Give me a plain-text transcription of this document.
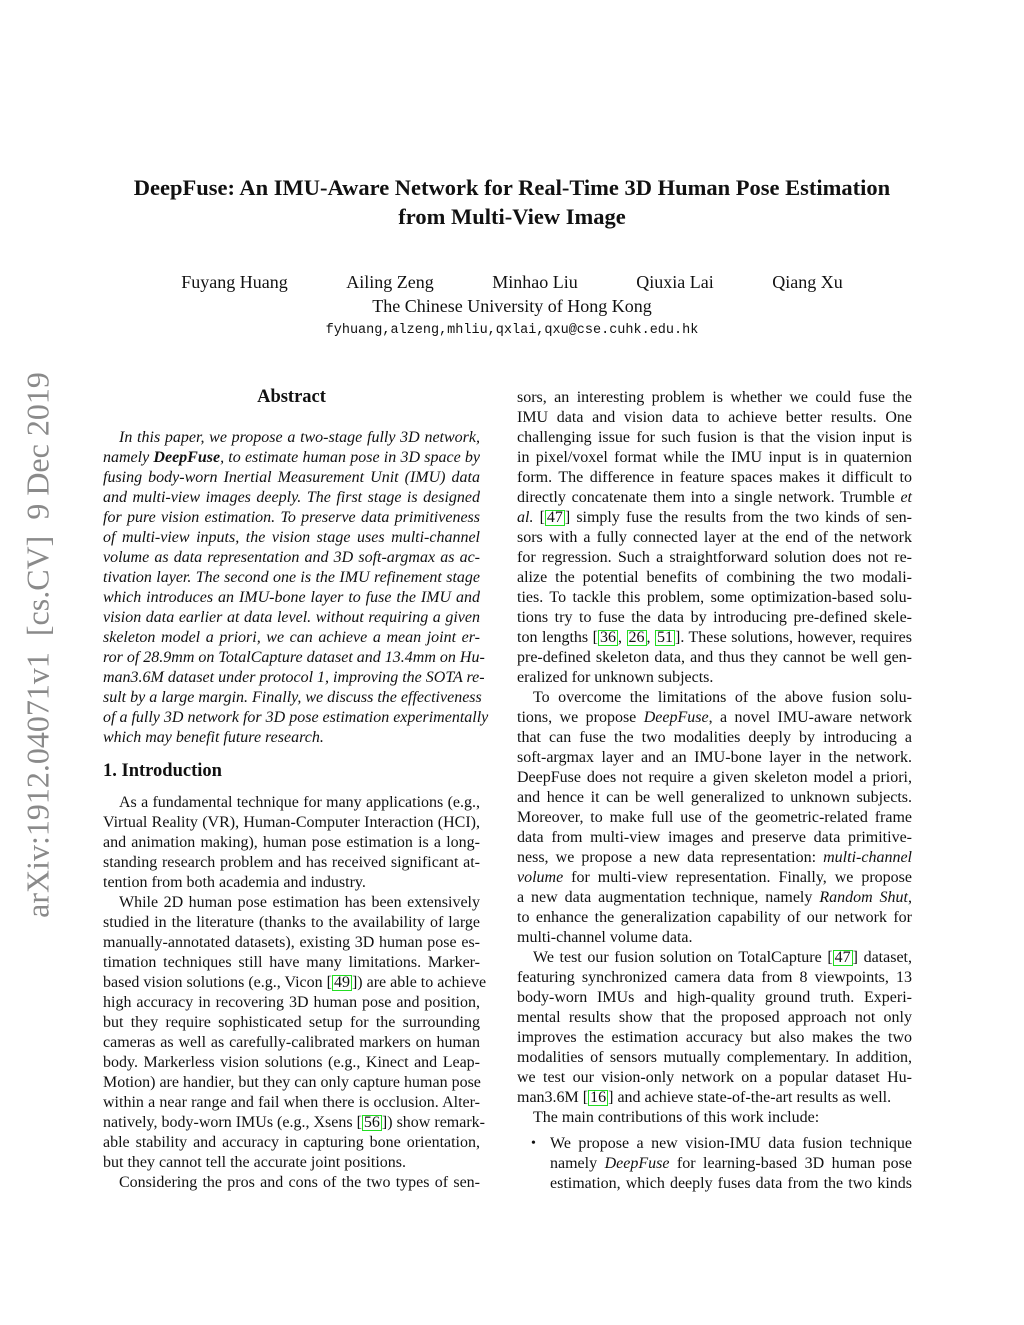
DeepFuse: An IMU-Aware Network for Real-Time 3D Human Pose Estimation
from Multi-View Image
Fuyang Huang	Ailing Zeng	Minhao Liu	Qiuxia Lai	Qiang Xu
The Chinese University of Hong Kong
fyhuang,alzeng,mhliu,qxlai,qxu@cse.cuhk.edu.hk
arXiv:1912.04071v1  [cs.CV]  9 Dec 2019	Abstract
In this paper, we propose a two-stage fully 3D network,
namely DeepFuse, to estimate human pose in 3D space by
fusing body-worn Inertial Measurement Unit (IMU) data
and multi-view images deeply. The first stage is designed
for pure vision estimation. To preserve data primitiveness
of multi-view inputs, the vision stage uses multi-channel
volume as data representation and 3D soft-argmax as ac-
tivation layer. The second one is the IMU refinement stage
which introduces an IMU-bone layer to fuse the IMU and
vision data earlier at data level. without requiring a given
skeleton model a priori, we can achieve a mean joint er-
ror of 28.9mm on TotalCapture dataset and 13.4mm on Hu-
man3.6M dataset under protocol 1, improving the SOTA re-
sult by a large margin. Finally, we discuss the effectiveness
of a fully 3D network for 3D pose estimation experimentally
which may benefit future research.
1. Introduction
As a fundamental technique for many applications (e.g.,
Virtual Reality (VR), Human-Computer Interaction (HCI),
and animation making), human pose estimation is a long-
standing research problem and has received significant at-
tention from both academia and industry.
While 2D human pose estimation has been extensively
studied in the literature (thanks to the availability of large
manually-annotated datasets), existing 3D human pose es-
timation techniques still have many limitations. Marker-
based vision solutions (e.g., Vicon [ 49 ]) are able to achieve
high accuracy in recovering 3D human pose and position,
but they require sophisticated setup for the surrounding
cameras as well as carefully-calibrated markers on human
body. Markerless vision solutions (e.g., Kinect and Leap-
Motion) are handier, but they can only capture human pose
within a near range and fail when there is occlusion. Alter-
natively, body-worn IMUs (e.g., Xsens [ 56 ]) show remark-
able stability and accuracy in capturing bone orientation,
but they cannot tell the accurate joint positions.
Considering the pros and cons of the two types of sen-
sors, an interesting problem is whether we could fuse the
IMU data and vision data to achieve better results. One
challenging issue for such fusion is that the vision input is
in pixel/voxel format while the IMU input is in quaternion
form. The difference in feature spaces makes it difficult to
directly concatenate them into a single network. Trumble et
al. [ 47 ] simply fuse the results from the two kinds of sen-
sors with a fully connected layer at the end of the network
for regression. Such a straightforward solution does not re-
alize the potential benefits of combining the two modali-
ties. To tackle this problem, some optimization-based solu-
tions try to fuse the data by introducing pre-defined skele-
ton lengths [ 36 , 26 , 51 ]. These solutions, however, requires
pre-defined skeleton data, and thus they cannot be well gen-
eralized for unknown subjects.
To overcome the limitations of the above fusion solu-
tions, we propose DeepFuse, a novel IMU-aware network
that can fuse the two modalities deeply by introducing a
soft-argmax layer and an IMU-bone layer in the network.
DeepFuse does not require a given skeleton model a priori,
and hence it can be well generalized to unknown subjects.
Moreover, to make full use of the geometric-related frame
data from multi-view images and preserve data primitive-
ness, we propose a new data representation: multi-channel
volume for multi-view representation. Finally, we propose
a new data augmentation technique, namely Random Shut,
to enhance the generalization capability of our network for
multi-channel volume data.
We test our fusion solution on TotalCapture [ 47 ] dataset,
featuring synchronized camera data from 8 viewpoints, 13
body-worn IMUs and high-quality ground truth. Experi-
mental results show that the proposed approach not only
improves the estimation accuracy but also makes the two
modalities of sensors mutually complementary. In addition,
we test our vision-only network on a popular dataset Hu-
man3.6M [ 16 ] and achieve state-of-the-art results as well.
The main contributions of this work include:
• We propose a new vision-IMU data fusion technique
namely DeepFuse for learning-based 3D human pose
estimation, which deeply fuses data from the two kinds
